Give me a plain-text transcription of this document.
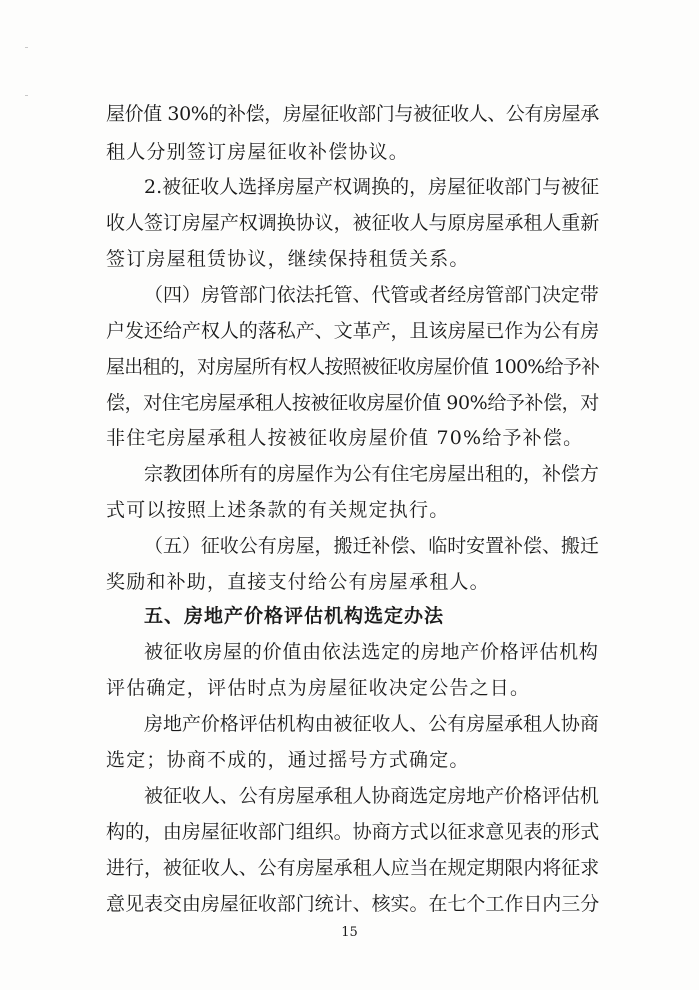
屋价值 30%的补偿，房屋征收部门与被征收人、公有房屋承
租人分别签订房屋征收补偿协议。
2.被征收人选择房屋产权调换的，房屋征收部门与被征
收人签订房屋产权调换协议，被征收人与原房屋承租人重新
签订房屋租赁协议，继续保持租赁关系。
（四）房管部门依法托管、代管或者经房管部门决定带
户发还给产权人的落私产、文革产，且该房屋已作为公有房
屋出租的，对房屋所有权人按照被征收房屋价值 100%给予补
偿，对住宅房屋承租人按被征收房屋价值 90%给予补偿，对
非住宅房屋承租人按被征收房屋价值 70%给予补偿。
宗教团体所有的房屋作为公有住宅房屋出租的，补偿方
式可以按照上述条款的有关规定执行。
（五）征收公有房屋，搬迁补偿、临时安置补偿、搬迁
奖励和补助，直接支付给公有房屋承租人。
五、房地产价格评估机构选定办法
被征收房屋的价值由依法选定的房地产价格评估机构
评估确定，评估时点为房屋征收决定公告之日。
房地产价格评估机构由被征收人、公有房屋承租人协商
选定；协商不成的，通过摇号方式确定。
被征收人、公有房屋承租人协商选定房地产价格评估机
构的，由房屋征收部门组织。协商方式以征求意见表的形式
进行，被征收人、公有房屋承租人应当在规定期限内将征求
意见表交由房屋征收部门统计、核实。在七个工作日内三分
15
